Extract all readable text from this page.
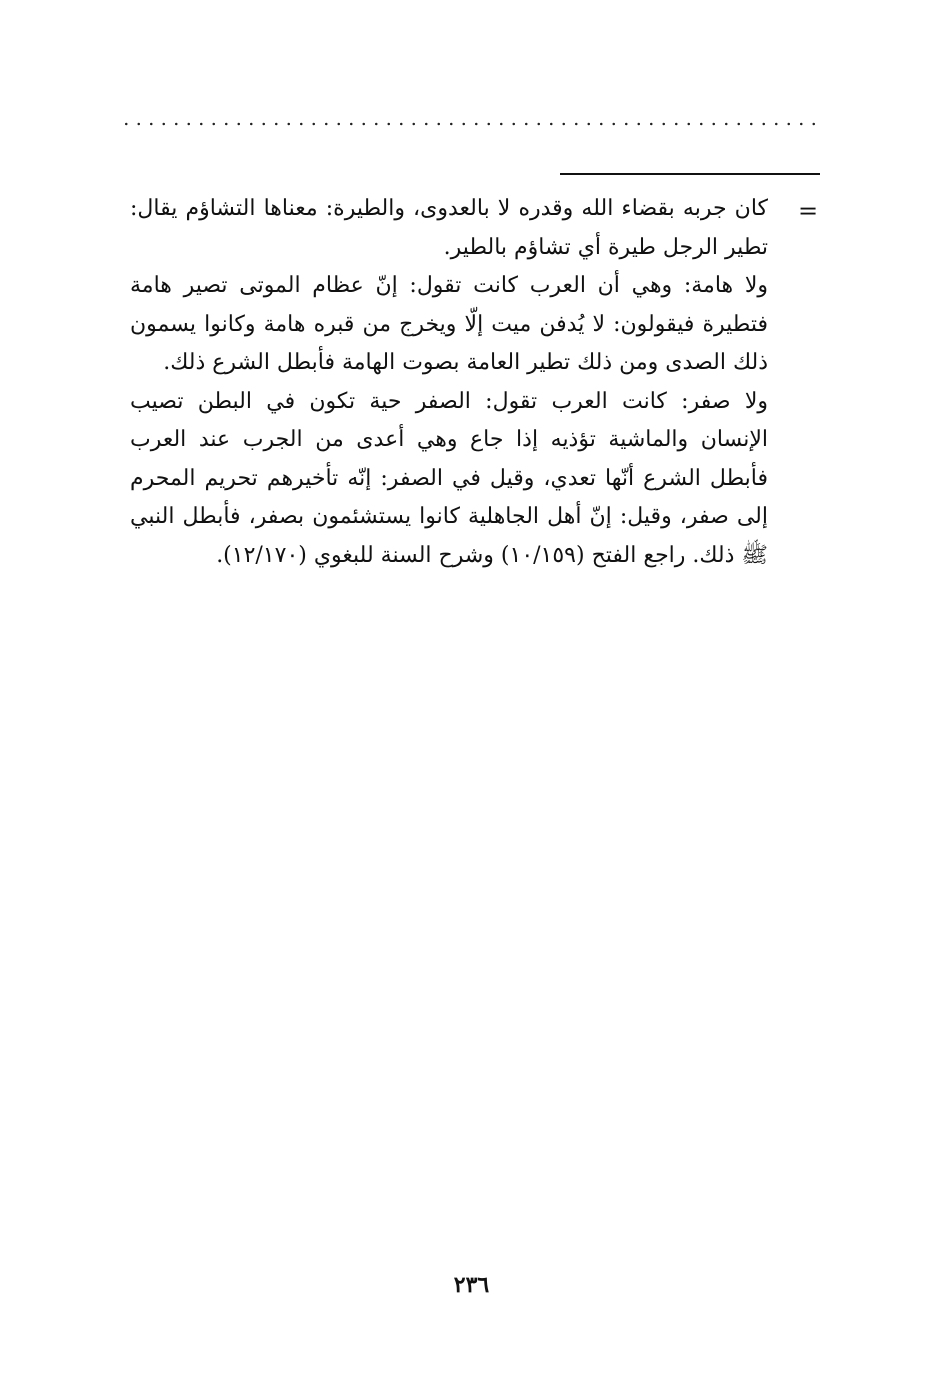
=

كان جربه بقضاء الله وقدره لا بالعدوى، والطيرة: معناها التشاؤم يقال: تطير الرجل طيرة أي تشاؤم بالطير.

ولا هامة: وهي أن العرب كانت تقول: إنّ عظام الموتى تصير هامة فتطيرة فيقولون: لا يُدفن ميت إلّا ويخرج من قبره هامة وكانوا يسمون ذلك الصدى ومن ذلك تطير العامة بصوت الهامة فأبطل الشرع ذلك.

ولا صفر: كانت العرب تقول: الصفر حية تكون في البطن تصيب الإنسان والماشية تؤذيه إذا جاع وهي أعدى من الجرب عند العرب فأبطل الشرع أنّها تعدي، وقيل في الصفر: إنّه تأخيرهم تحريم المحرم إلى صفر، وقيل: إنّ أهل الجاهلية كانوا يستشئمون بصفر، فأبطل النبي ﷺ ذلك. راجع الفتح (١٠/١٥٩) وشرح السنة للبغوي (١٢/١٧٠).

٢٣٦
